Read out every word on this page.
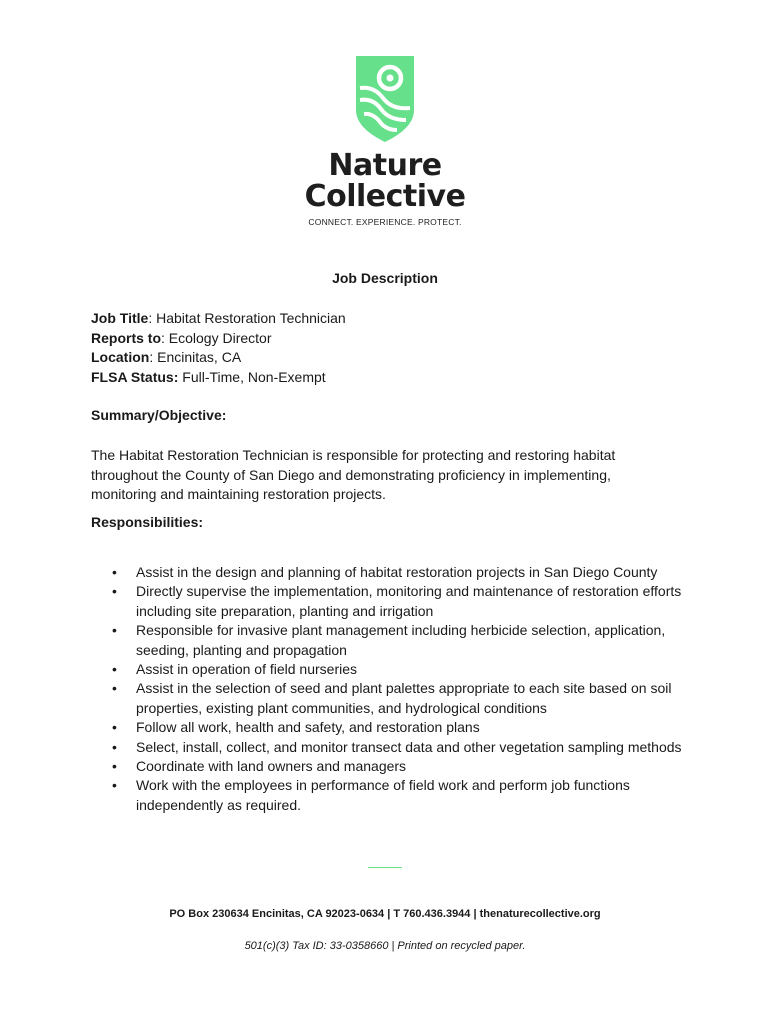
Nature
Collective
CONNECT. EXPERIENCE. PROTECT.
Job Description
Job Title: Habitat Restoration Technician
Reports to: Ecology Director
Location: Encinitas, CA
FLSA Status: Full-Time, Non-Exempt
Summary/Objective:
The Habitat Restoration Technician is responsible for protecting and restoring habitat throughout the County of San Diego and demonstrating proficiency in implementing, monitoring and maintaining restoration projects.
Responsibilities:
• Assist in the design and planning of habitat restoration projects in San Diego County
• Directly supervise the implementation, monitoring and maintenance of restoration efforts including site preparation, planting and irrigation
• Responsible for invasive plant management including herbicide selection, application, seeding, planting and propagation
• Assist in operation of field nurseries
• Assist in the selection of seed and plant palettes appropriate to each site based on soil properties, existing plant communities, and hydrological conditions
• Follow all work, health and safety, and restoration plans
• Select, install, collect, and monitor transect data and other vegetation sampling methods
• Coordinate with land owners and managers
• Work with the employees in performance of field work and perform job functions independently as required.
PO Box 230634 Encinitas, CA 92023-0634 | T 760.436.3944 | thenaturecollective.org
501(c)(3) Tax ID: 33-0358660 | Printed on recycled paper.
